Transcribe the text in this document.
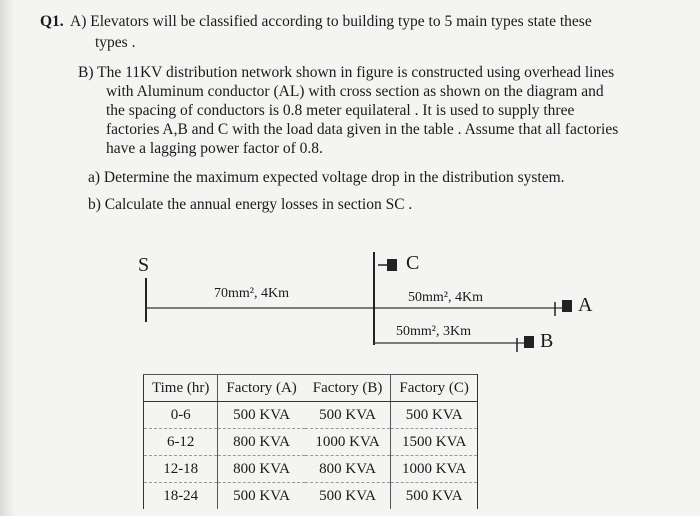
Q1. A) Elevators will be classified according to building type to 5 main types state these
types .
B) The 11KV distribution network shown in figure is constructed using overhead lines
with Aluminum conductor (AL) with cross section as shown on the diagram and
the spacing of conductors is 0.8 meter equilateral . It is used to supply three
factories A,B and C with the load data given in the table . Assume that all factories
have a lagging power factor of 0.8.
a) Determine the maximum expected voltage drop in the distribution system.
b) Calculate the annual energy losses in section SC .
S	C
A
B
70mm², 4Km	50mm², 4Km
50mm², 3Km
Time (hr)	Factory (A)	Factory (B)	Factory (C)
0-6	500 KVA	500 KVA	500 KVA
6-12	800 KVA	1000 KVA	1500 KVA
12-18	800 KVA	800 KVA	1000 KVA
18-24	500 KVA	500 KVA	500 KVA
